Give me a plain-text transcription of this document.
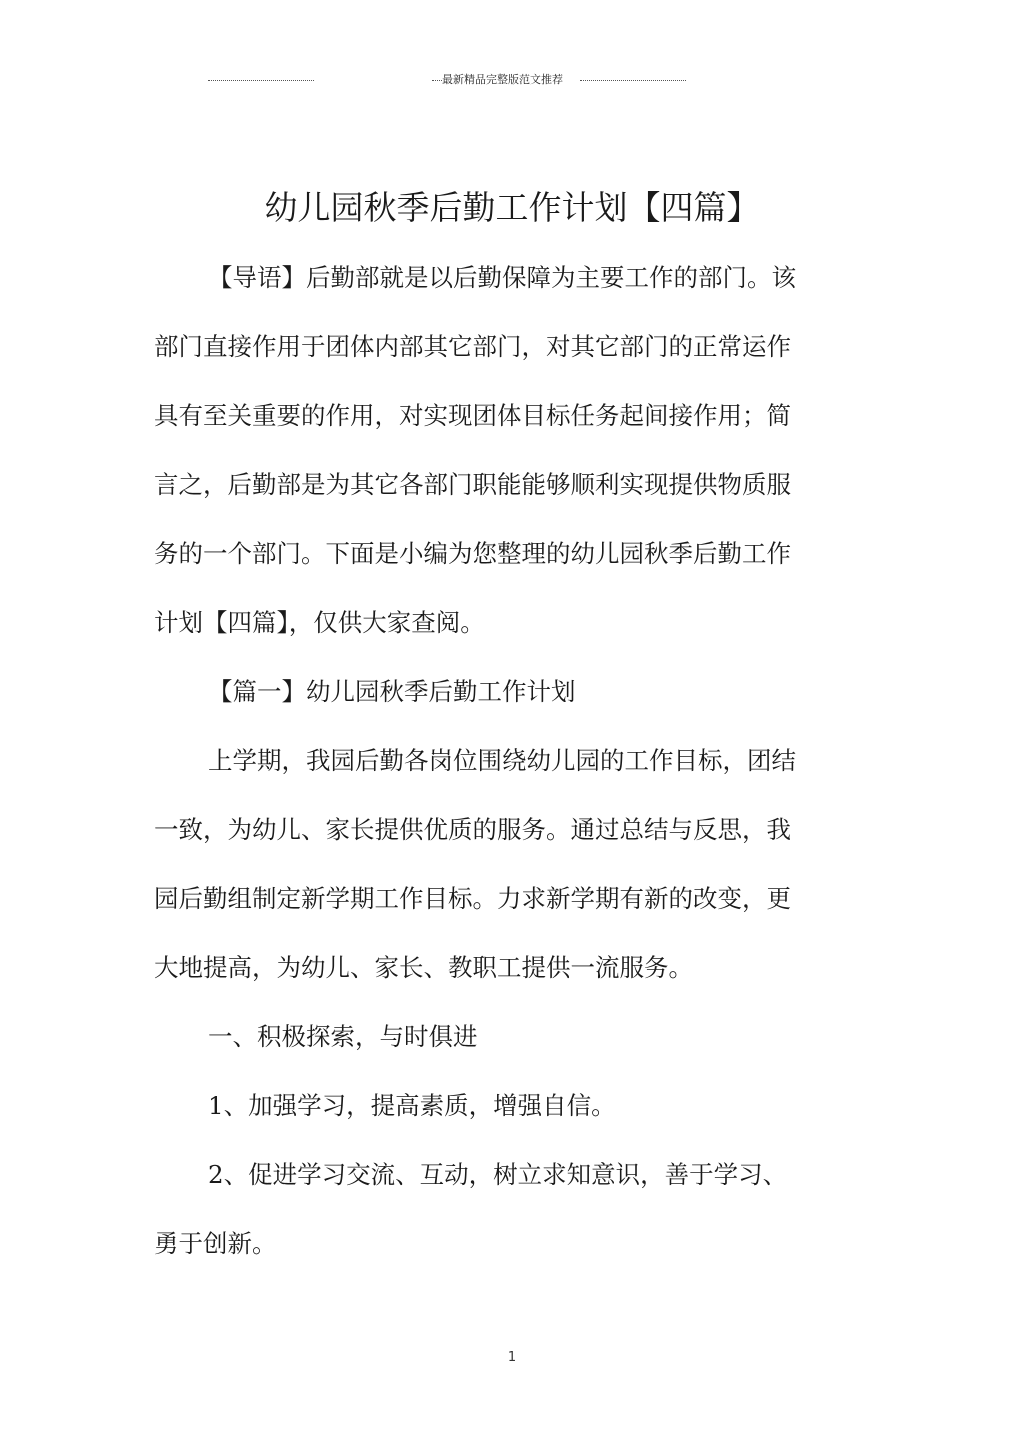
最新精品完整版范文推荐
幼儿园秋季后勤工作计划【四篇】

【导语】后勤部就是以后勤保障为主要工作的部门。该

部门直接作用于团体内部其它部门，对其它部门的正常运作

具有至关重要的作用，对实现团体目标任务起间接作用；简

言之，后勤部是为其它各部门职能能够顺利实现提供物质服

务的一个部门。下面是小编为您整理的幼儿园秋季后勤工作

计划【四篇】，仅供大家查阅。

【篇一】幼儿园秋季后勤工作计划

上学期，我园后勤各岗位围绕幼儿园的工作目标，团结

一致，为幼儿、家长提供优质的服务。通过总结与反思，我

园后勤组制定新学期工作目标。力求新学期有新的改变，更

大地提高，为幼儿、家长、教职工提供一流服务。

一、积极探索，与时俱进

1、加强学习，提高素质，增强自信。

2、促进学习交流、互动，树立求知意识，善于学习、

勇于创新。

1
